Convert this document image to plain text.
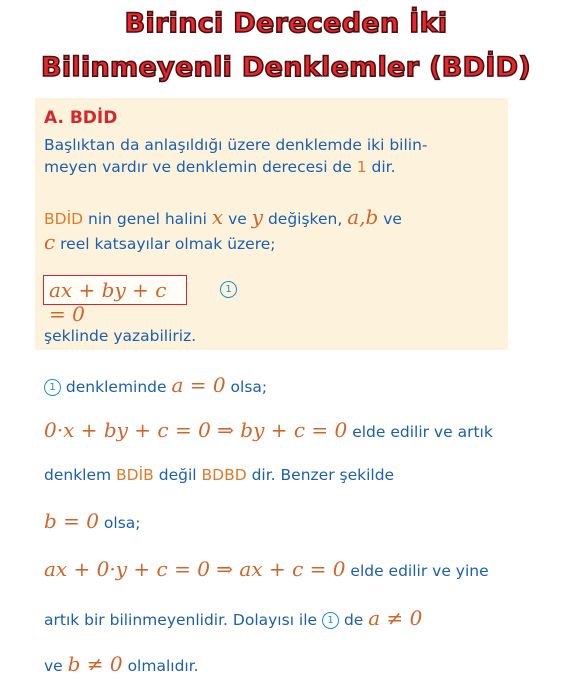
Birinci Dereceden İki
Bilinmeyenli Denklemler (BDİD)
A. BDİD
Başlıktan da anlaşıldığı üzere denklemde iki bilin-
meyen vardır ve denklemin derecesi de 1 dir.
BDİD nin genel halini x ve y değişken, a,b ve
c reel katsayılar olmak üzere;
ax + by + c = 0
1
şeklinde yazabiliriz.
1 denkleminde a = 0 olsa;
0·x + by + c = 0 ⇒ by + c = 0 elde edilir ve artık
denklem BDİB değil BDBD dir. Benzer şekilde
b = 0 olsa;
ax + 0·y + c = 0 ⇒ ax + c = 0 elde edilir ve yine
artık bir bilinmeyenlidir. Dolayısı ile 1 de a ≠ 0
ve b ≠ 0 olmalıdır.
